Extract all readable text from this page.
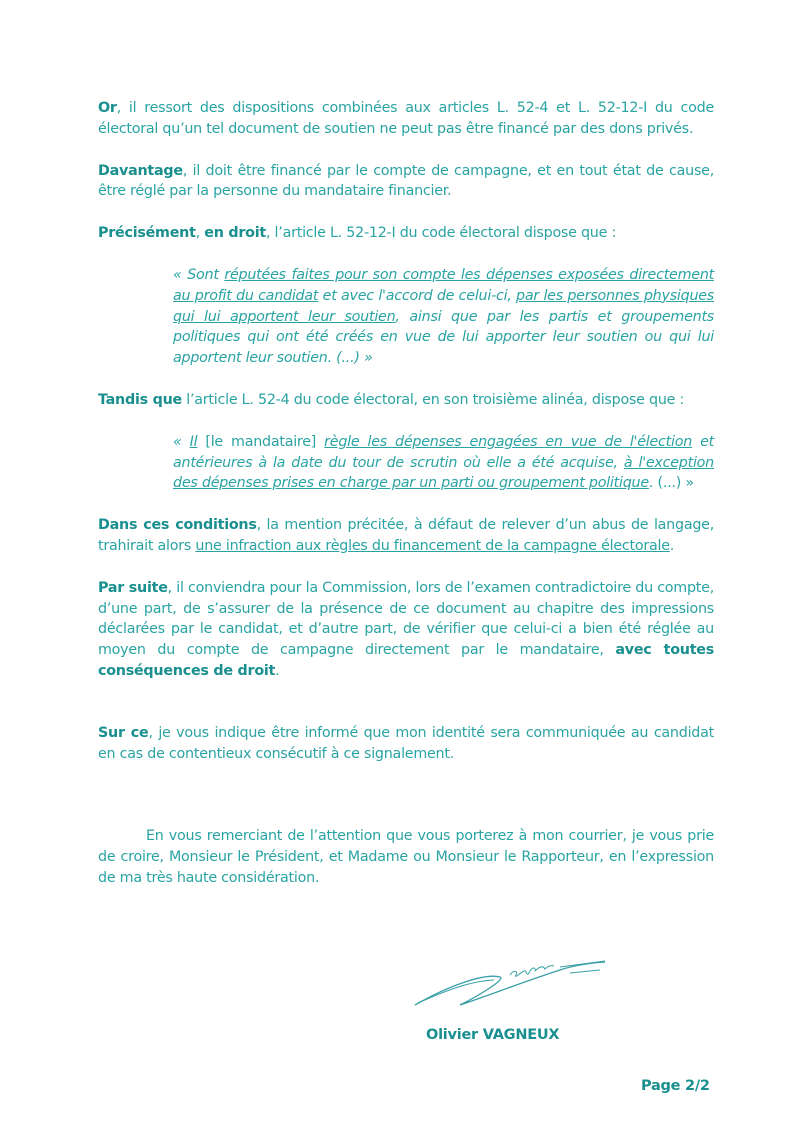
Or, il ressort des dispositions combinées aux articles L. 52-4 et L. 52-12-I du code électoral qu’un tel document de soutien ne peut pas être financé par des dons privés.

Davantage, il doit être financé par le compte de campagne, et en tout état de cause, être réglé par la personne du mandataire financier.

Précisément, en droit, l’article L. 52-12-I du code électoral dispose que :

« Sont réputées faites pour son compte les dépenses exposées directement au profit du candidat et avec l'accord de celui-ci, par les personnes physiques qui lui apportent leur soutien, ainsi que par les partis et groupements politiques qui ont été créés en vue de lui apporter leur soutien ou qui lui apportent leur soutien. (...) »

Tandis que l’article L. 52-4 du code électoral, en son troisième alinéa, dispose que :

« Il [le mandataire] règle les dépenses engagées en vue de l'élection et antérieures à la date du tour de scrutin où elle a été acquise, à l'exception des dépenses prises en charge par un parti ou groupement politique. (...) »

Dans ces conditions, la mention précitée, à défaut de relever d’un abus de langage, trahirait alors une infraction aux règles du financement de la campagne électorale.

Par suite, il conviendra pour la Commission, lors de l’examen contradictoire du compte, d’une part, de s’assurer de la présence de ce document au chapitre des impressions déclarées par le candidat, et d’autre part, de vérifier que celui-ci a bien été réglée au moyen du compte de campagne directement par le mandataire, avec toutes conséquences de droit.

Sur ce, je vous indique être informé que mon identité sera communiquée au candidat en cas de contentieux consécutif à ce signalement.

En vous remerciant de l’attention que vous porterez à mon courrier, je vous prie de croire, Monsieur le Président, et Madame ou Monsieur le Rapporteur, en l’expression de ma très haute considération.

Olivier VAGNEUX

Page 2/2
